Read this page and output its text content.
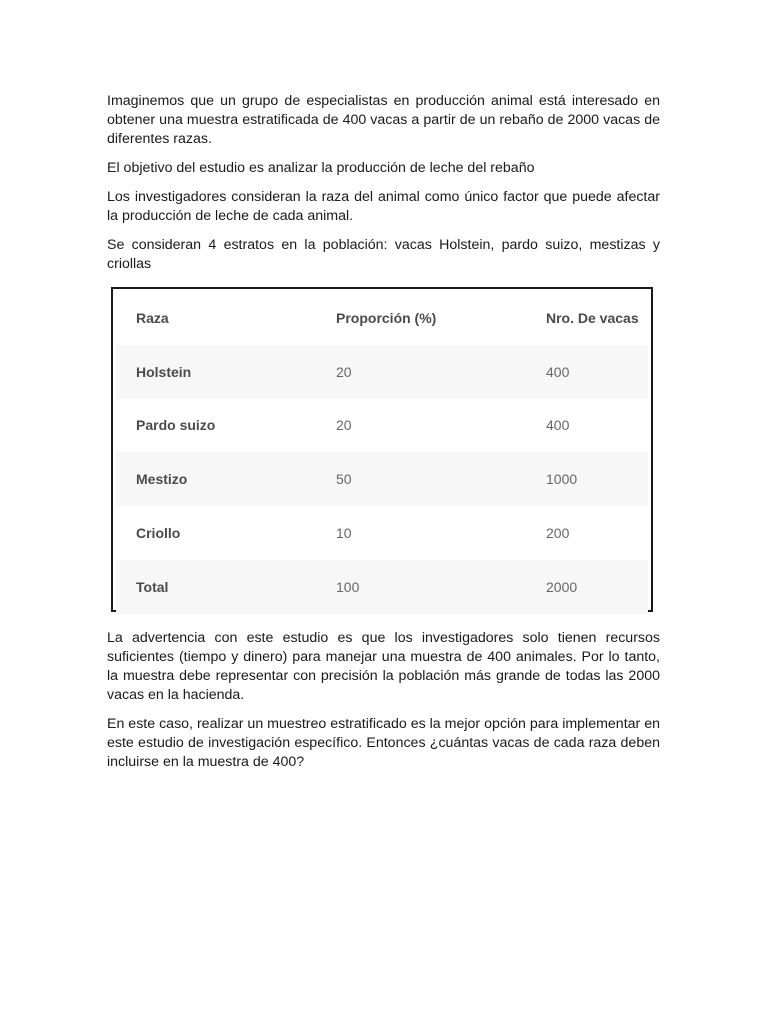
Imaginemos que un grupo de especialistas en producción animal está interesado en obtener una muestra estratificada de 400 vacas a partir de un rebaño de 2000 vacas de diferentes razas.

El objetivo del estudio es analizar la producción de leche del rebaño

Los investigadores consideran la raza del animal como único factor que puede afectar la producción de leche de cada animal.

Se consideran 4 estratos en la población: vacas Holstein, pardo suizo, mestizas y criollas

Raza	Proporción (%)	Nro. De vacas
Holstein	20	400
Pardo suizo	20	400
Mestizo	50	1000
Criollo	10	200
Total	100	2000

La advertencia con este estudio es que los investigadores solo tienen recursos suficientes (tiempo y dinero) para manejar una muestra de 400 animales. Por lo tanto, la muestra debe representar con precisión la población más grande de todas las 2000 vacas en la hacienda.

En este caso, realizar un muestreo estratificado es la mejor opción para implementar en este estudio de investigación específico. Entonces ¿cuántas vacas de cada raza deben incluirse en la muestra de 400?
